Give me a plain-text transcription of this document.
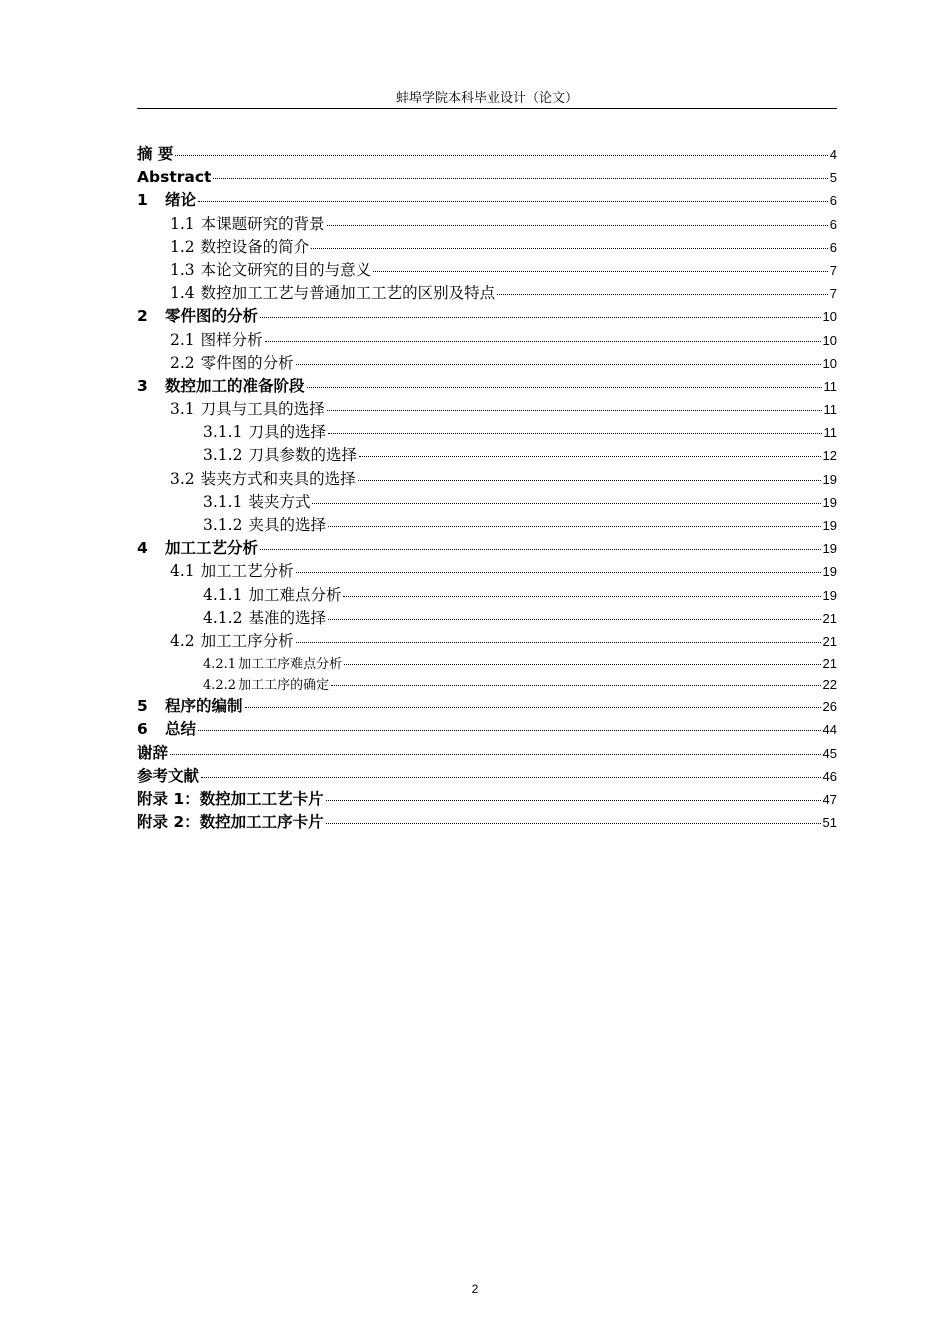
蚌埠学院本科毕业设计（论文）
摘 要	4
Abstract	5
1	绪论	6
1.1 本课题研究的背景	6
1.2 数控设备的简介	6
1.3 本论文研究的目的与意义	7
1.4 数控加工工艺与普通加工工艺的区别及特点	7
2	零件图的分析	10
2.1 图样分析	10
2.2 零件图的分析	10
3	数控加工的准备阶段	11
3.1 刀具与工具的选择	11
3.1.1 刀具的选择	11
3.1.2 刀具参数的选择	12
3.2 装夹方式和夹具的选择	19
3.1.1 装夹方式	19
3.1.2 夹具的选择	19
4	加工工艺分析	19
4.1 加工工艺分析	19
4.1.1 加工难点分析	19
4.1.2 基准的选择	21
4.2 加工工序分析	21
4.2.1 加工工序难点分析	21
4.2.2 加工工序的确定	22
5	程序的编制	26
6	总结	44
谢辞	45
参考文献	46
附录 1：数控加工工艺卡片	47
附录 2：数控加工工序卡片	51
2
